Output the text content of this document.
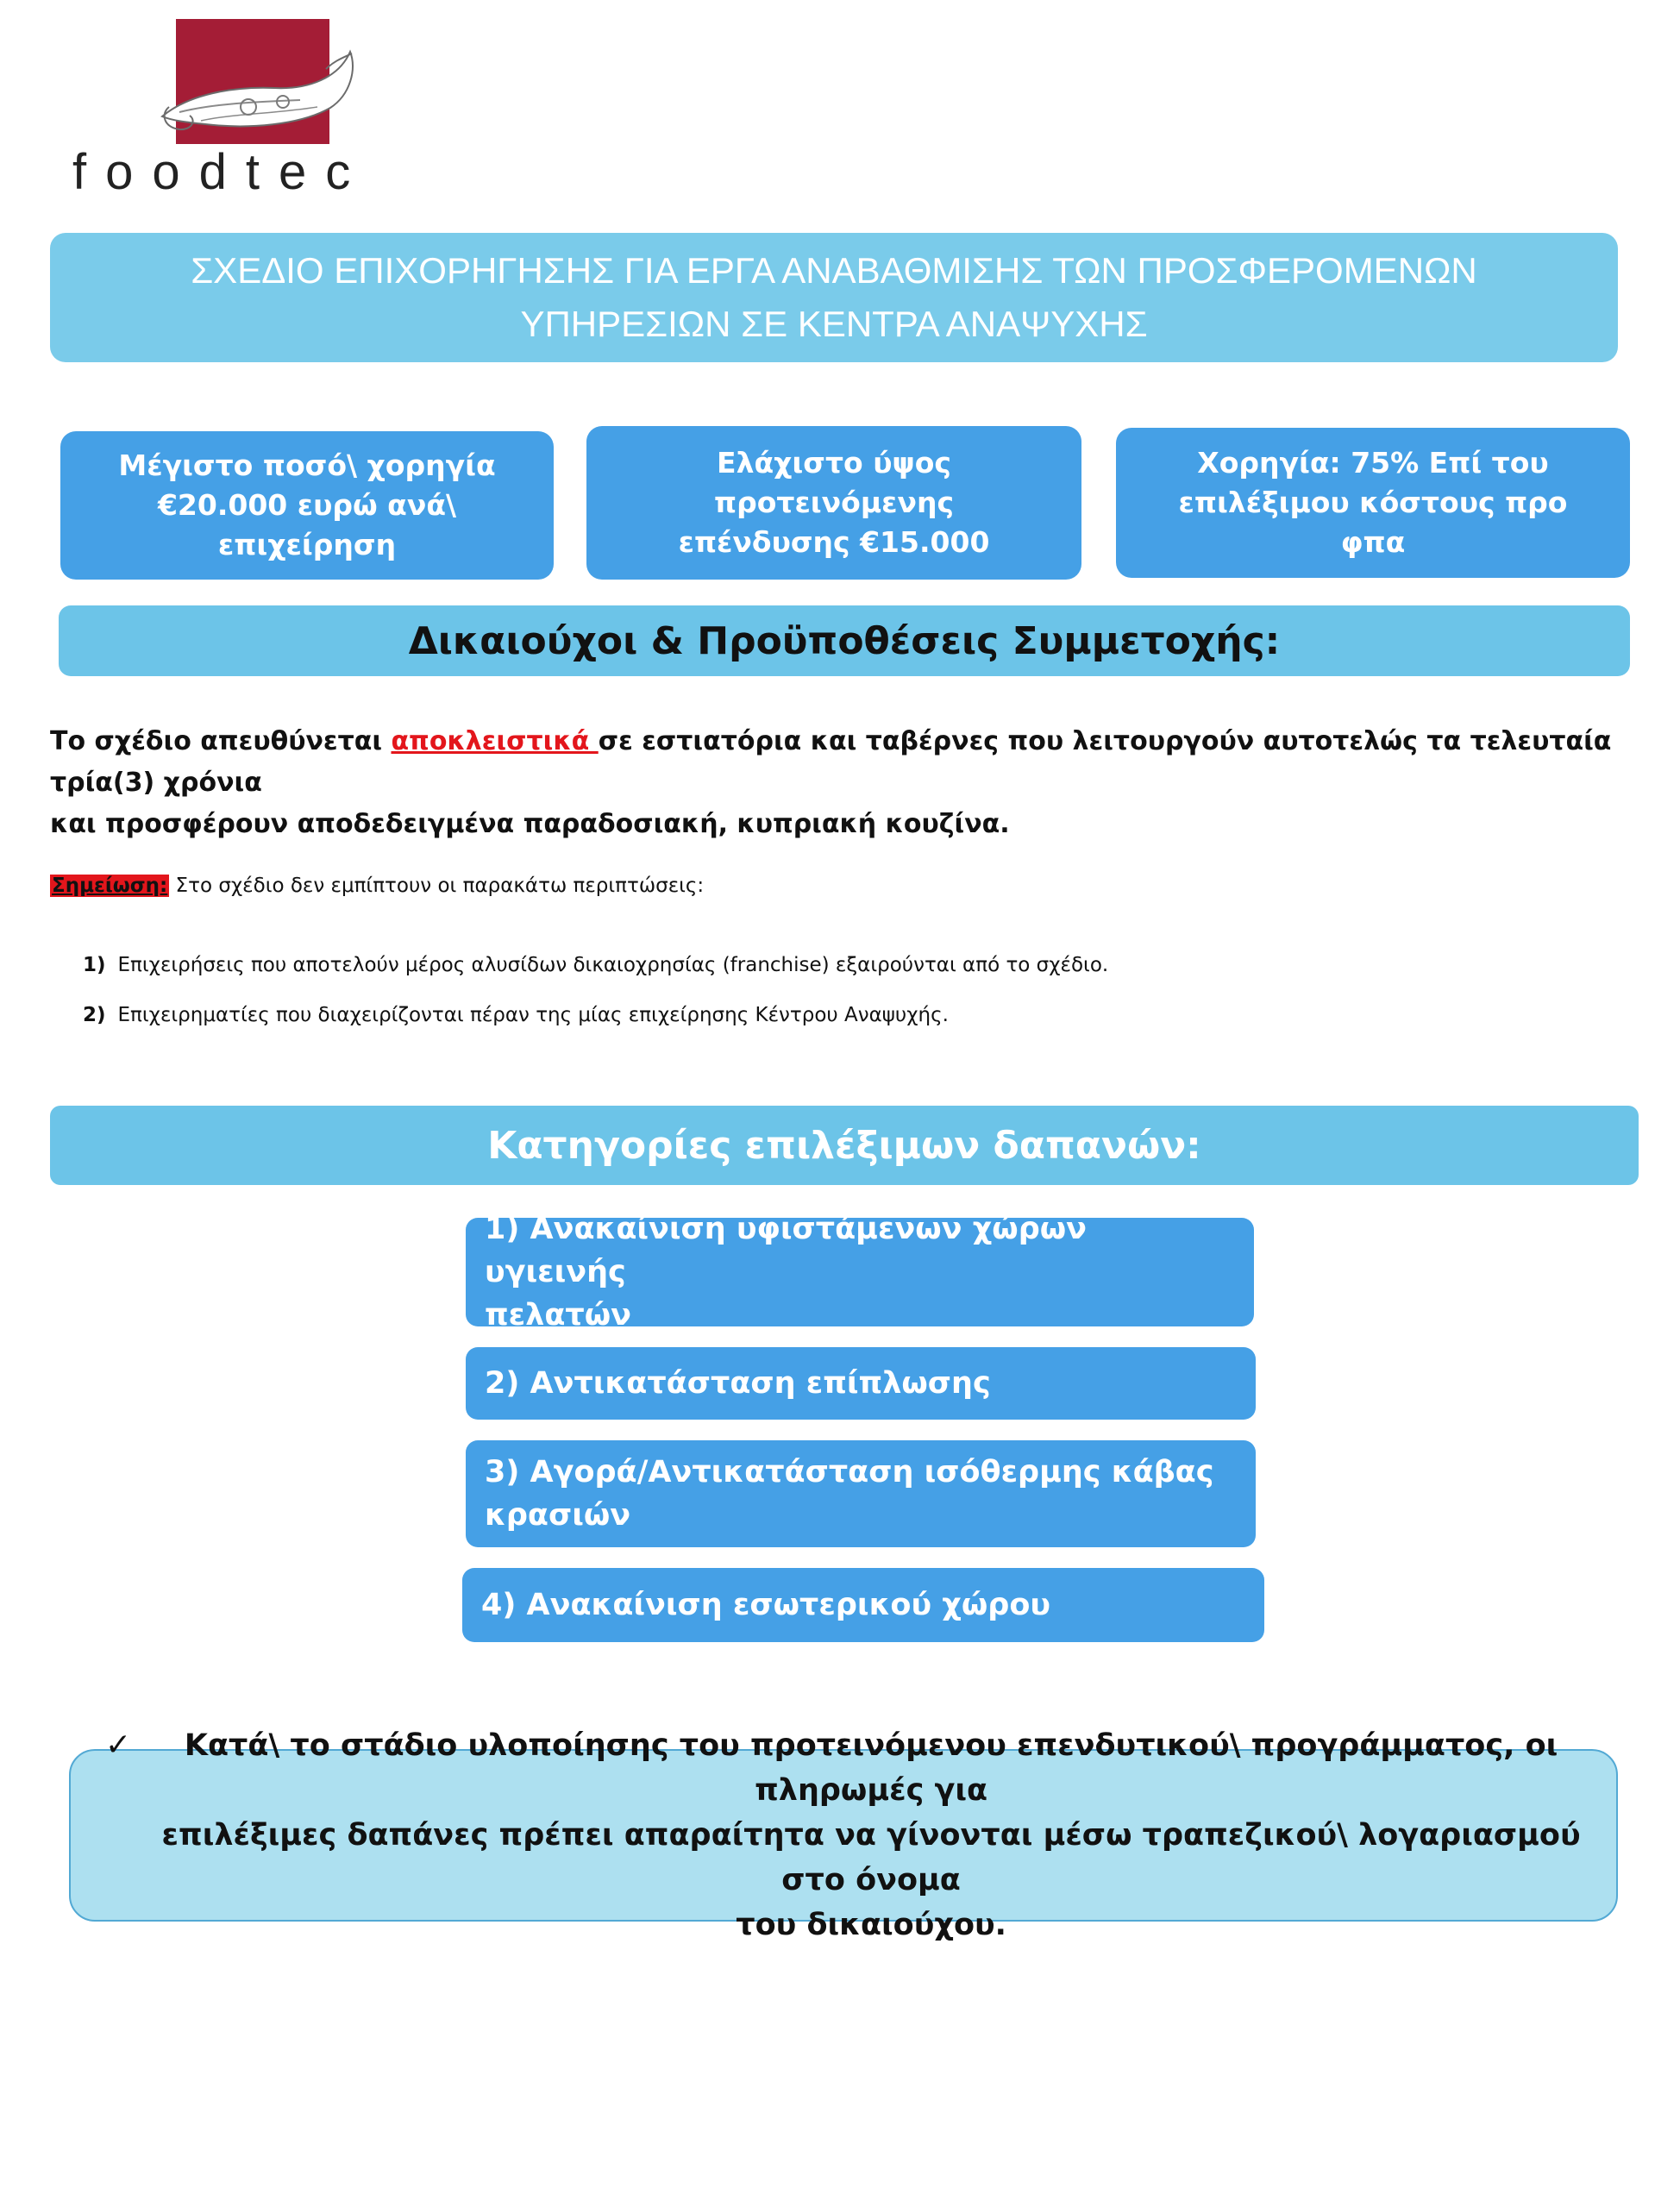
foodtec
ΣΧΕΔΙΟ ΕΠΙΧΟΡΗΓΗΣΗΣ ΓΙΑ ΕΡΓΑ ΑΝΑΒΑΘΜΙΣΗΣ ΤΩΝ ΠΡΟΣΦΕΡΟΜΕΝΩΝ
ΥΠΗΡΕΣΙΩΝ ΣΕ ΚΕΝΤΡΑ ΑΝΑΨΥΧΗΣ
Μέγιστο ποσό\ χορηγία
€20.000 ευρώ ανά\ επιχείρηση
Ελάχιστο ύψος προτεινόμενης
επένδυσης €15.000
Χορηγία: 75% Επί του
επιλέξιμου κόστους προ φπα
Δικαιούχοι & Προϋποθέσεις Συμμετοχής:
Το σχέδιο απευθύνεται αποκλειστικά σε εστιατόρια και ταβέρνες που λειτουργούν αυτοτελώς τα τελευταία τρία(3) χρόνια
και προσφέρουν αποδεδειγμένα παραδοσιακή, κυπριακή κουζίνα.
Σημείωση: Στο σχέδιο δεν εμπίπτουν οι παρακάτω περιπτώσεις:
1) Επιχειρήσεις που αποτελούν μέρος αλυσίδων δικαιοχρησίας (franchise) εξαιρούνται από το σχέδιο.
2) Επιχειρηματίες που διαχειρίζονται πέραν της μίας επιχείρησης Κέντρου Αναψυχής.
Κατηγορίες επιλέξιμων δαπανών:
1) Ανακαίνιση υφιστάμενων χώρων υγιεινής
πελατών
2) Αντικατάσταση επίπλωσης
3) Αγορά/Αντικατάσταση ισόθερμης κάβας
κρασιών
4) Ανακαίνιση εσωτερικού χώρου
✓	Κατά\ το στάδιο υλοποίησης του προτεινόμενου επενδυτικού\ προγράμματος, οι πληρωμές για
επιλέξιμες δαπάνες πρέπει απαραίτητα να γίνονται μέσω τραπεζικού\ λογαριασμού στο όνομα
του δικαιούχου.
